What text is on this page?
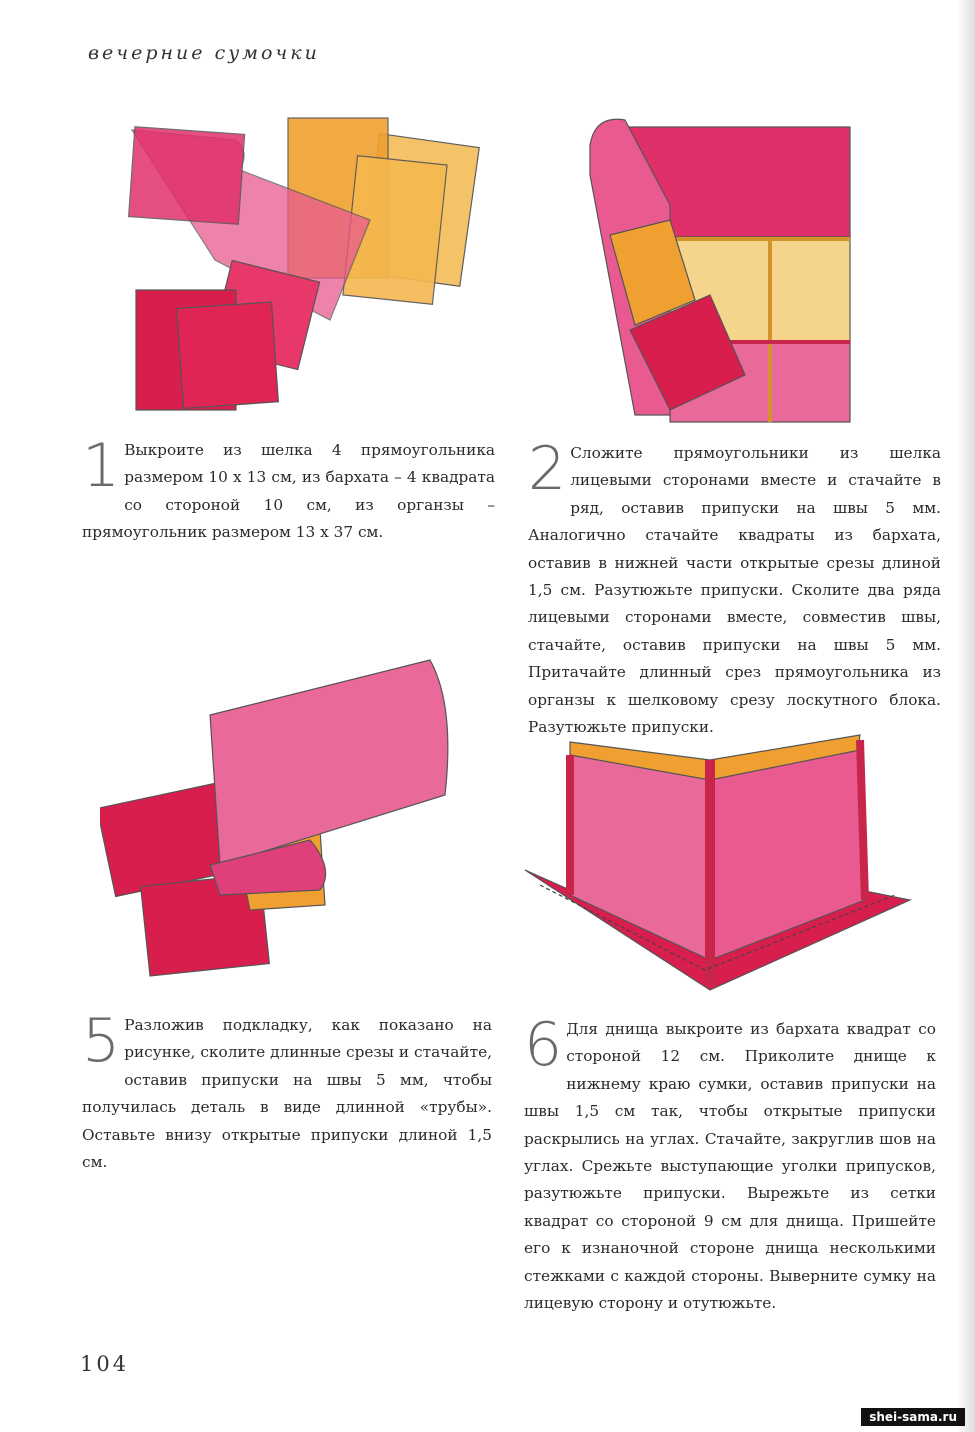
вечерние сумочки
1 Выкроите из шелка 4 прямоугольника размером 10 х 13 см, из бархата – 4 квадрата со стороной 10 см, из органзы – прямоугольник размером 13 х 37 см.
2 Сложите прямоугольники из шелка лицевыми сторонами вместе и стачайте в ряд, оставив припуски на швы 5 мм. Аналогично стачайте квадраты из бархата, оставив в нижней части открытые срезы длиной 1,5 см. Разутюжьте припуски. Сколите два ряда лицевыми сторонами вместе, совместив швы, стачайте, оставив припуски на швы 5 мм. Притачайте длинный срез прямоугольника из органзы к шелковому срезу лоскутного блока. Разутюжьте припуски.
5 Разложив подкладку, как показано на рисунке, сколите длинные срезы и стачайте, оставив припуски на швы 5 мм, чтобы получилась деталь в виде длинной «трубы». Оставьте внизу открытые припуски длиной 1,5 см.
6 Для днища выкроите из бархата квадрат со стороной 12 см. Приколите днище к нижнему краю сумки, оставив припуски на швы 1,5 см так, чтобы открытые припуски раскрылись на углах. Стачайте, закруглив шов на углах. Срежьте выступающие уголки припусков, разутюжьте припуски. Вырежьте из сетки квадрат со стороной 9 см для днища. Пришейте его к изнаночной стороне днища несколькими стежками с каждой стороны. Выверните сумку на лицевую сторону и отутюжьте.
104
shei-sama.ru
